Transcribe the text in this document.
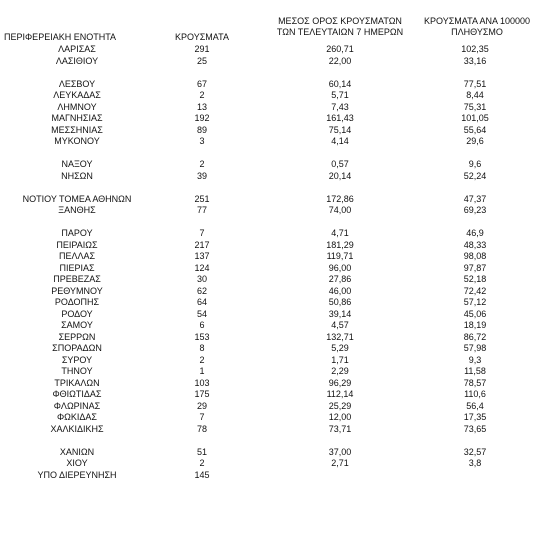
ΠΕΡΙΦΕΡΕΙΑΚΗ ΕΝΟΤΗΤΑ	ΚΡΟΥΣΜΑΤΑ
ΜΕΣΟΣ ΟΡΟΣ ΚΡΟΥΣΜΑΤΩΝ
ΤΩΝ ΤΕΛΕΥΤΑΙΩΝ 7 ΗΜΕΡΩΝ
ΚΡΟΥΣΜΑΤΑ ΑΝΑ 100000
ΠΛΗΘΥΣΜΟ
ΛΑΡΙΣΑΣ	291	260,71	102,35
ΛΑΣΙΘΙΟΥ	25	22,00	33,16
ΛΕΣΒΟΥ	67	60,14	77,51
ΛΕΥΚΑΔΑΣ	2	5,71	8,44
ΛΗΜΝΟΥ	13	7,43	75,31
ΜΑΓΝΗΣΙΑΣ	192	161,43	101,05
ΜΕΣΣΗΝΙΑΣ	89	75,14	55,64
ΜΥΚΟΝΟΥ	3	4,14	29,6
ΝΑΞΟΥ	2	0,57	9,6
ΝΗΣΩΝ	39	20,14	52,24
ΝΟΤΙΟΥ ΤΟΜΕΑ ΑΘΗΝΩΝ	251	172,86	47,37
ΞΑΝΘΗΣ	77	74,00	69,23
ΠΑΡΟΥ	7	4,71	46,9
ΠΕΙΡΑΙΩΣ	217	181,29	48,33
ΠΕΛΛΑΣ	137	119,71	98,08
ΠΙΕΡΙΑΣ	124	96,00	97,87
ΠΡΕΒΕΖΑΣ	30	27,86	52,18
ΡΕΘΥΜΝΟΥ	62	46,00	72,42
ΡΟΔΟΠΗΣ	64	50,86	57,12
ΡΟΔΟΥ	54	39,14	45,06
ΣΑΜΟΥ	6	4,57	18,19
ΣΕΡΡΩΝ	153	132,71	86,72
ΣΠΟΡΑΔΩΝ	8	5,29	57,98
ΣΥΡΟΥ	2	1,71	9,3
ΤΗΝΟΥ	1	2,29	11,58
ΤΡΙΚΑΛΩΝ	103	96,29	78,57
ΦΘΙΩΤΙΔΑΣ	175	112,14	110,6
ΦΛΩΡΙΝΑΣ	29	25,29	56,4
ΦΩΚΙΔΑΣ	7	12,00	17,35
ΧΑΛΚΙΔΙΚΗΣ	78	73,71	73,65
ΧΑΝΙΩΝ	51	37,00	32,57
ΧΙΟΥ	2	2,71	3,8
ΥΠΟ ΔΙΕΡΕΥΝΗΣΗ	145
